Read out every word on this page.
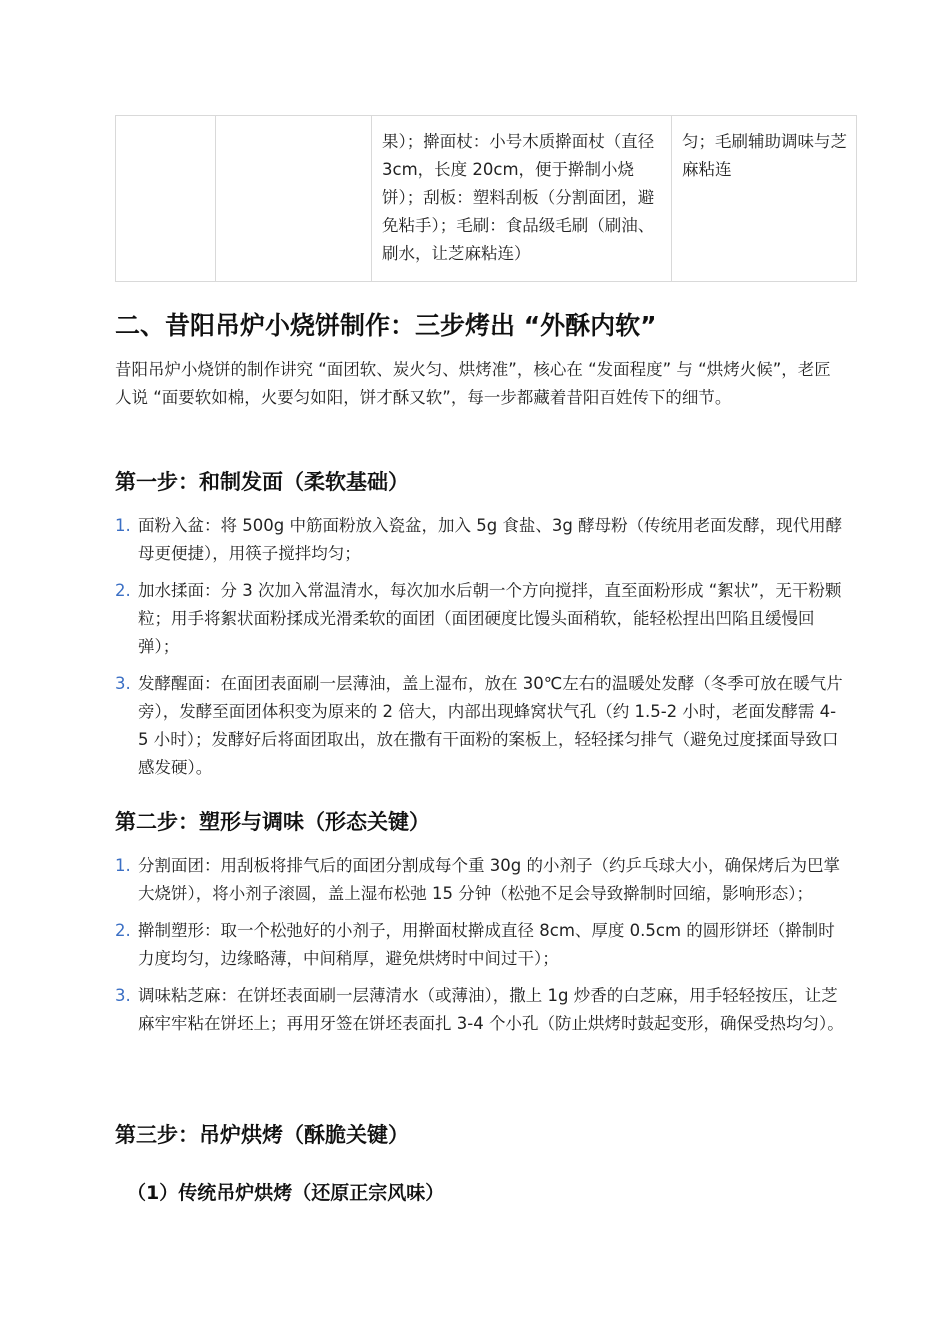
		果）；擀面杖：小号木质擀面杖（直径 3cm，长度 20cm，便于擀制小烧饼）；刮板：塑料刮板（分割面团，避免粘手）；毛刷：食品级毛刷（刷油、刷水，让芝麻粘连）	匀；毛刷辅助调味与芝麻粘连
二、昔阳吊炉小烧饼制作：三步烤出 “外酥内软”

昔阳吊炉小烧饼的制作讲究 “面团软、炭火匀、烘烤准”，核心在 “发面程度” 与 “烘烤火候”，老匠人说 “面要软如棉，火要匀如阳，饼才酥又软”，每一步都藏着昔阳百姓传下的细节。

第一步：和制发面（柔软基础）
1. 面粉入盆：将 500g 中筋面粉放入瓷盆，加入 5g 食盐、3g 酵母粉（传统用老面发酵，现代用酵母更便捷），用筷子搅拌均匀；
2. 加水揉面：分 3 次加入常温清水，每次加水后朝一个方向搅拌，直至面粉形成 “絮状”，无干粉颗粒；用手将絮状面粉揉成光滑柔软的面团（面团硬度比馒头面稍软，能轻松捏出凹陷且缓慢回弹）；
3. 发酵醒面：在面团表面刷一层薄油，盖上湿布，放在 30℃左右的温暖处发酵（冬季可放在暖气片旁），发酵至面团体积变为原来的 2 倍大，内部出现蜂窝状气孔（约 1.5-2 小时，老面发酵需 4-5 小时）；发酵好后将面团取出，放在撒有干面粉的案板上，轻轻揉匀排气（避免过度揉面导致口感发硬）。
第二步：塑形与调味（形态关键）
1. 分割面团：用刮板将排气后的面团分割成每个重 30g 的小剂子（约乒乓球大小，确保烤后为巴掌大烧饼），将小剂子滚圆，盖上湿布松弛 15 分钟（松弛不足会导致擀制时回缩，影响形态）；
2. 擀制塑形：取一个松弛好的小剂子，用擀面杖擀成直径 8cm、厚度 0.5cm 的圆形饼坯（擀制时力度均匀，边缘略薄，中间稍厚，避免烘烤时中间过干）；
3. 调味粘芝麻：在饼坯表面刷一层薄清水（或薄油），撒上 1g 炒香的白芝麻，用手轻轻按压，让芝麻牢牢粘在饼坯上；再用牙签在饼坯表面扎 3-4 个小孔（防止烘烤时鼓起变形，确保受热均匀）。
第三步：吊炉烘烤（酥脆关键）
（1）传统吊炉烘烤（还原正宗风味）
